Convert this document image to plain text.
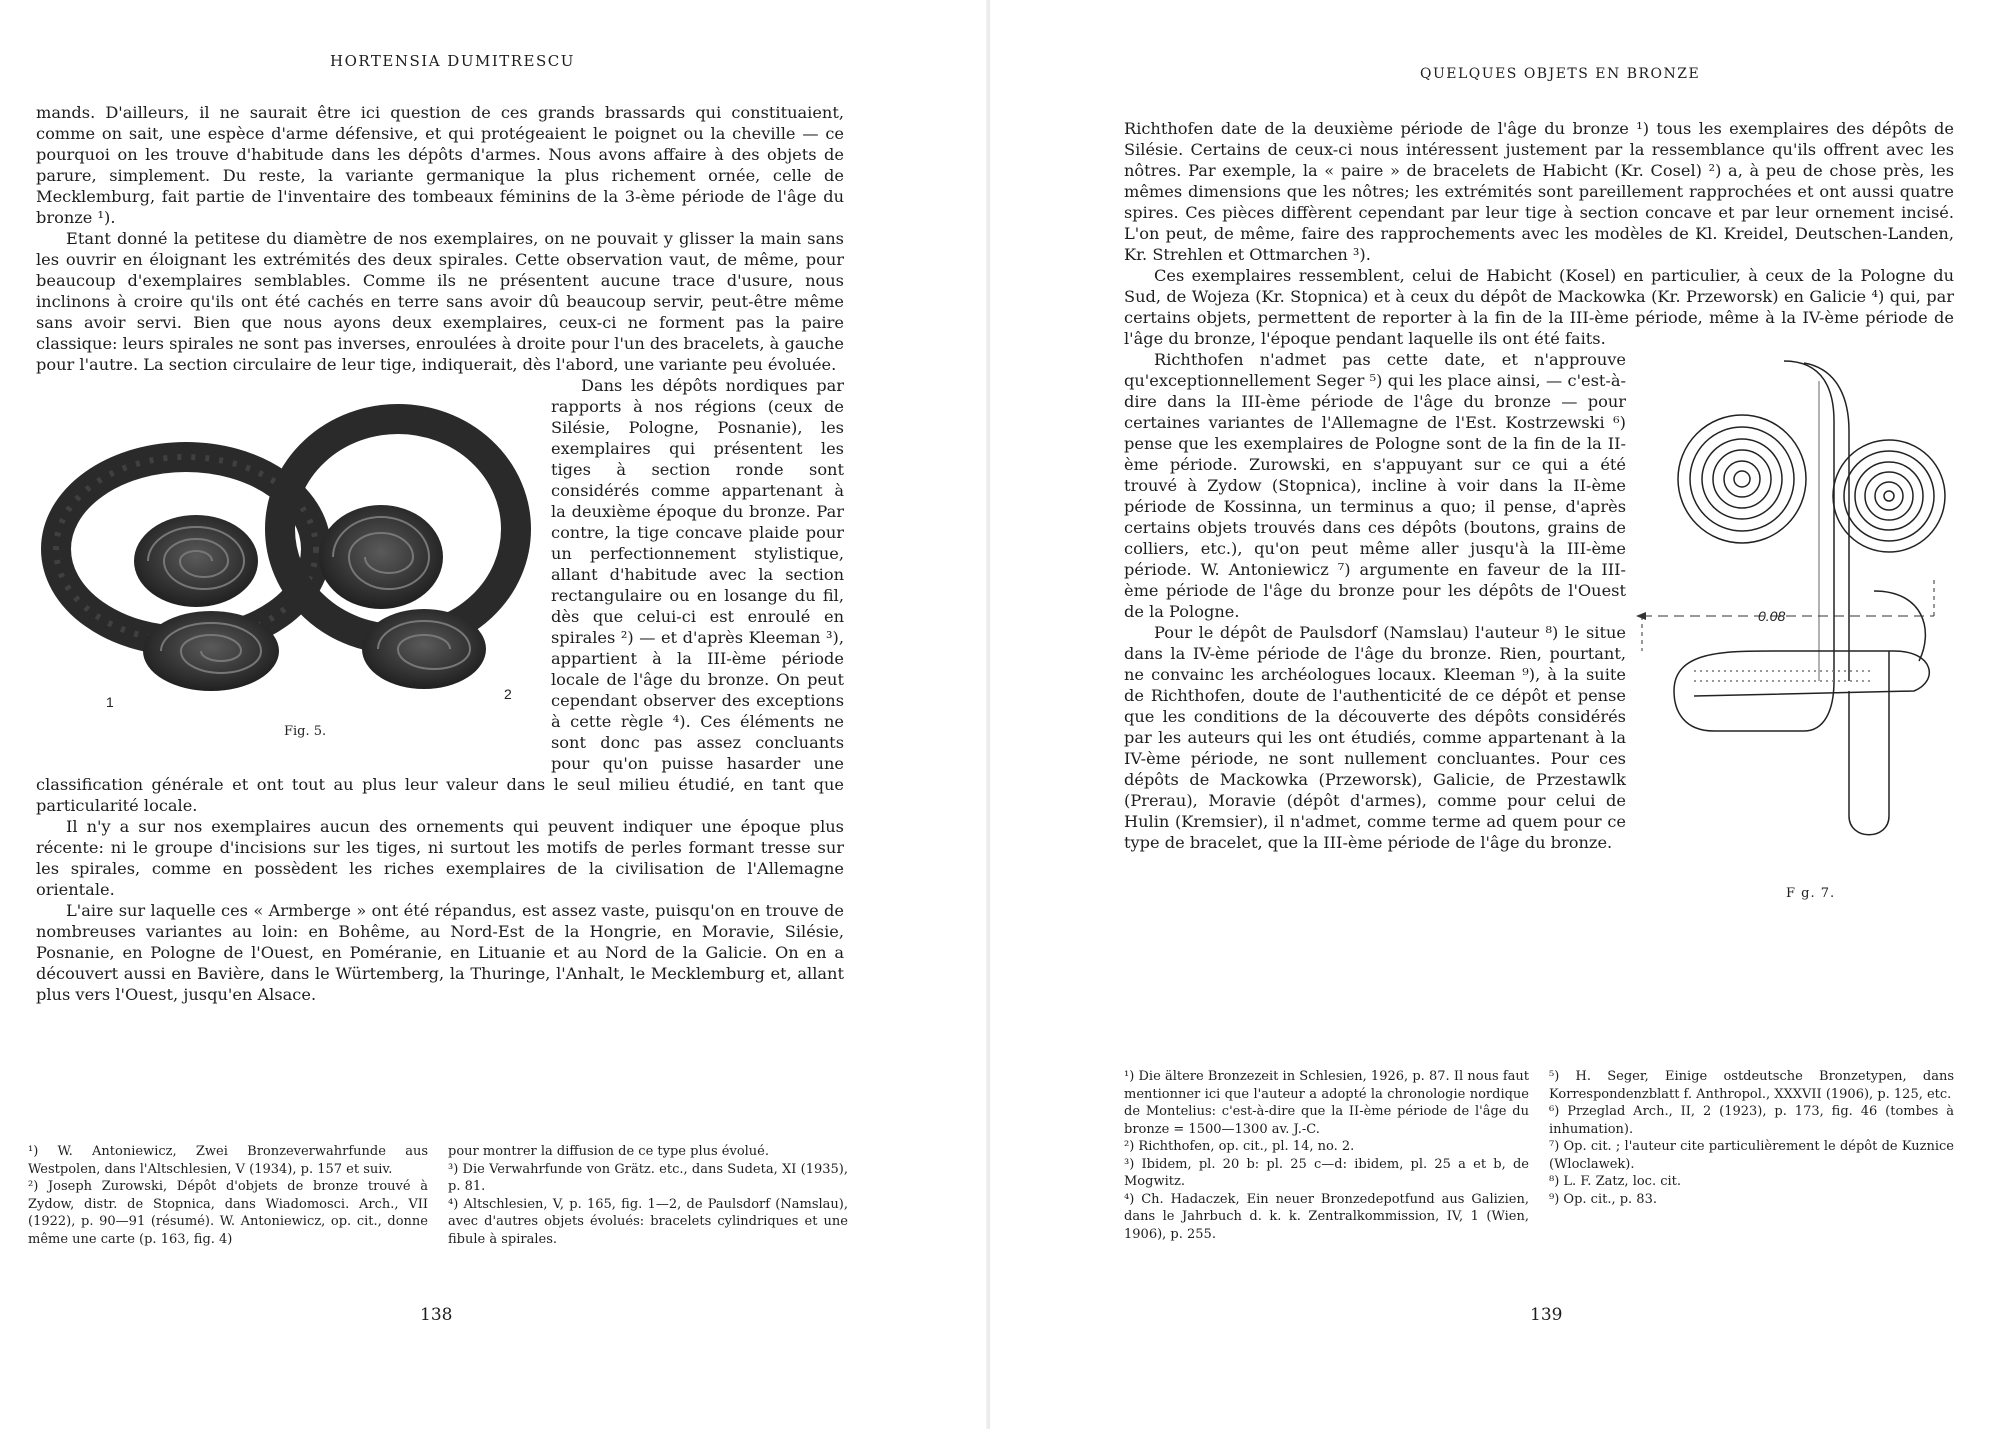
HORTENSIA DUMITRESCU

mands. D'ailleurs, il ne saurait être ici question de ces grands brassards qui constituaient, comme on sait, une espèce d'arme défensive, et qui protégeaient le poignet ou la cheville — ce pourquoi on les trouve d'habitude dans les dépôts d'armes. Nous avons affaire à des objets de parure, simplement. Du reste, la variante germanique la plus richement ornée, celle de Mecklemburg, fait partie de l'inventaire des tombeaux féminins de la 3-ème période de l'âge du bronze ¹).

Etant donné la petitese du diamètre de nos exemplaires, on ne pouvait y glisser la main sans les ouvrir en éloignant les extrémités des deux spirales. Cette observation vaut, de même, pour beaucoup d'exemplaires semblables. Comme ils ne présentent aucune trace d'usure, nous inclinons à croire qu'ils ont été cachés en terre sans avoir dû beaucoup servir, peut-être même sans avoir servi. Bien que nous ayons deux exemplaires, ceux-ci ne forment pas la paire classique: leurs spirales ne sont pas inverses, enroulées à droite pour l'un des bracelets, à gauche pour l'autre. La section circulaire de leur tige, indiquerait, dès l'abord, une variante peu évoluée.

1	2
Fig. 5.

Dans les dépôts nordiques par rapports à nos régions (ceux de Silésie, Pologne, Posnanie), les exemplaires qui présentent les tiges à section ronde sont considérés comme appartenant à la deuxième époque du bronze. Par contre, la tige concave plaide pour un perfectionnement stylistique, allant d'habitude avec la section rectangulaire ou en losange du fil, dès que celui-ci est enroulé en spirales ²) — et d'après Kleeman ³), appartient à la III-ème période locale de l'âge du bronze. On peut cependant observer des exceptions à cette règle ⁴). Ces éléments ne sont donc pas assez concluants pour qu'on puisse hasarder une classification générale et ont tout au plus leur valeur dans le seul milieu étudié, en tant que particularité locale.

Il n'y a sur nos exemplaires aucun des ornements qui peuvent indiquer une époque plus récente: ni le groupe d'incisions sur les tiges, ni surtout les motifs de perles formant tresse sur les spirales, comme en possèdent les riches exemplaires de la civilisation de l'Allemagne orientale.

L'aire sur laquelle ces « Armberge » ont été répandus, est assez vaste, puisqu'on en trouve de nombreuses variantes au loin: en Bohême, au Nord-Est de la Hongrie, en Moravie, Silésie, Posnanie, en Pologne de l'Ouest, en Poméranie, en Lituanie et au Nord de la Galicie. On en a découvert aussi en Bavière, dans le Würtemberg, la Thuringe, l'Anhalt, le Mecklemburg et, allant plus vers l'Ouest, jusqu'en Alsace.

¹) W. Antoniewicz, Zwei Bronzeverwahrfunde aus Westpolen, dans l'Altschlesien, V (1934), p. 157 et suiv.

²) Joseph Zurowski, Dépôt d'objets de bronze trouvé à Zydow, distr. de Stopnica, dans Wiadomosci. Arch., VII (1922), p. 90—91 (résumé). W. Antoniewicz, op. cit., donne même une carte (p. 163, fig. 4)

pour montrer la diffusion de ce type plus évolué.

³) Die Verwahrfunde von Grätz. etc., dans Sudeta, XI (1935), p. 81.

⁴) Altschlesien, V, p. 165, fig. 1—2, de Paulsdorf (Namslau), avec d'autres objets évolués: bracelets cylindriques et une fibule à spirales.

138
QUELQUES OBJETS EN BRONZE

Richthofen date de la deuxième période de l'âge du bronze ¹) tous les exemplaires des dépôts de Silésie. Certains de ceux-ci nous intéressent justement par la ressemblance qu'ils offrent avec les nôtres. Par exemple, la « paire » de bracelets de Habicht (Kr. Cosel) ²) a, à peu de chose près, les mêmes dimensions que les nôtres; les extrémités sont pareillement rapprochées et ont aussi quatre spires. Ces pièces diffèrent cependant par leur tige à section concave et par leur ornement incisé. L'on peut, de même, faire des rapprochements avec les modèles de Kl. Kreidel, Deutschen-Landen, Kr. Strehlen et Ottmarchen ³).

Ces exemplaires ressemblent, celui de Habicht (Kosel) en particulier, à ceux de la Pologne du Sud, de Wojeza (Kr. Stopnica) et à ceux du dépôt de Mackowka (Kr. Przeworsk) en Galicie ⁴) qui, par certains objets, permettent de reporter à la fin de la III-ème période, même à la IV-ème période de l'âge du bronze, l'époque pendant laquelle ils ont été faits.

0.08

Richthofen n'admet pas cette date, et n'approuve qu'exceptionnellement Seger ⁵) qui les place ainsi, — c'est-à-dire dans la III-ème période de l'âge du bronze — pour certaines variantes de l'Allemagne de l'Est. Kostrzewski ⁶) pense que les exemplaires de Pologne sont de la fin de la II-ème période. Zurowski, en s'appuyant sur ce qui a été trouvé à Zydow (Stopnica), incline à voir dans la II-ème période de Kossinna, un terminus a quo; il pense, d'après certains objets trouvés dans ces dépôts (boutons, grains de colliers, etc.), qu'on peut même aller jusqu'à la III-ème période. W. Antoniewicz ⁷) argumente en faveur de la III-ème période de l'âge du bronze pour les dépôts de l'Ouest de la Pologne.

Pour le dépôt de Paulsdorf (Namslau) l'auteur ⁸) le situe dans la IV-ème période de l'âge du bronze. Rien, pourtant, ne convainc les archéologues locaux. Kleeman ⁹), à la suite de Richthofen, doute de l'authenticité de ce dépôt et pense que les conditions de la découverte des dépôts considérés par les auteurs qui les ont étudiés, comme appartenant à la IV-ème période, ne sont nullement concluantes. Pour ces dépôts de Mackowka (Przeworsk), Galicie, de Przestawlk (Prerau), Moravie (dépôt d'armes), comme pour celui de Hulin (Kremsier), il n'admet, comme terme ad quem pour ce type de bracelet, que la III-ème période de l'âge du bronze.

F g. 7.

¹) Die ältere Bronzezeit in Schlesien, 1926, p. 87. Il nous faut mentionner ici que l'auteur a adopté la chronologie nordique de Montelius: c'est-à-dire que la II-ème période de l'âge du bronze = 1500—1300 av. J.-C.

²) Richthofen, op. cit., pl. 14, no. 2.

³) Ibidem, pl. 20 b: pl. 25 c—d: ibidem, pl. 25 a et b, de Mogwitz.

⁴) Ch. Hadaczek, Ein neuer Bronzedepotfund aus Galizien, dans le Jahrbuch d. k. k. Zentralkommission, IV, 1 (Wien, 1906), p. 255.

⁵) H. Seger, Einige ostdeutsche Bronzetypen, dans Korrespondenzblatt f. Anthropol., XXXVII (1906), p. 125, etc.

⁶) Przeglad Arch., II, 2 (1923), p. 173, fig. 46 (tombes à inhumation).

⁷) Op. cit. ; l'auteur cite particulièrement le dépôt de Kuznice (Wloclawek).

⁸) L. F. Zatz, loc. cit.

⁹) Op. cit., p. 83.

139
